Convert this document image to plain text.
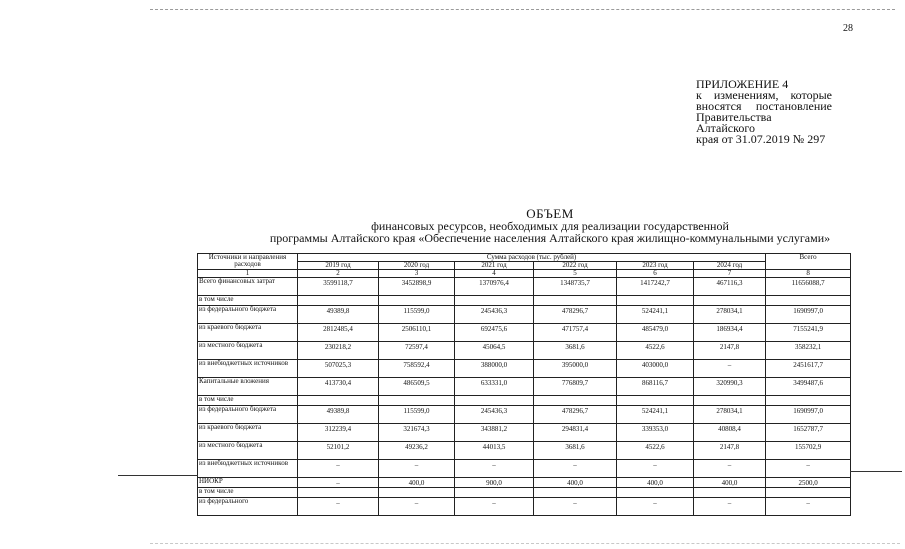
28
ПРИЛОЖЕНИЕ 4
к изменениям, которые
вносятся постановление
Правительства Алтайского
края от 31.07.2019 № 297
ОБЪЕМ
финансовых ресурсов, необходимых для реализации государственной
программы Алтайского края «Обеспечение населения Алтайского края жилищно-коммунальными услугами»
Источники и направления расходов	Сумма расходов (тыс. рублей)						Всего
	2019 год	2020 год	2021 год	2022 год	2023 год	2024 год	
1	2	3	4	5	6	7	8
Всего финансовых затрат	3599118,7	3452898,9	1370976,4	1348735,7	1417242,7	467116,3	11656088,7
в том числе							
из федерального бюджета	49389,8	115599,0	245436,3	478296,7	524241,1	278034,1	1690997,0
из краевого бюджета	2812485,4	2506110,1	692475,6	471757,4	485479,0	186934,4	7155241,9
из местного бюджета	230218,2	72597,4	45064,5	3681,6	4522,6	2147,8	358232,1
из внебюджетных источников	507025,3	758592,4	388000,0	395000,0	403000,0	–	2451617,7
Капитальные вложения	413730,4	486509,5	633331,0	776809,7	868116,7	320990,3	3499487,6
в том числе							
из федерального бюджета	49389,8	115599,0	245436,3	478296,7	524241,1	278034,1	1690997,0
из краевого бюджета	312239,4	321674,3	343881,2	294831,4	339353,0	40808,4	1652787,7
из местного бюджета	52101,2	49236,2	44013,5	3681,6	4522,6	2147,8	155702,9
из внебюджетных источников	–	–	–	–	–	–	–
НИОКР	–	400,0	900,0	400,0	400,0	400,0	2500,0
в том числе							
из федерального	–	–	–	–	–	–	–
